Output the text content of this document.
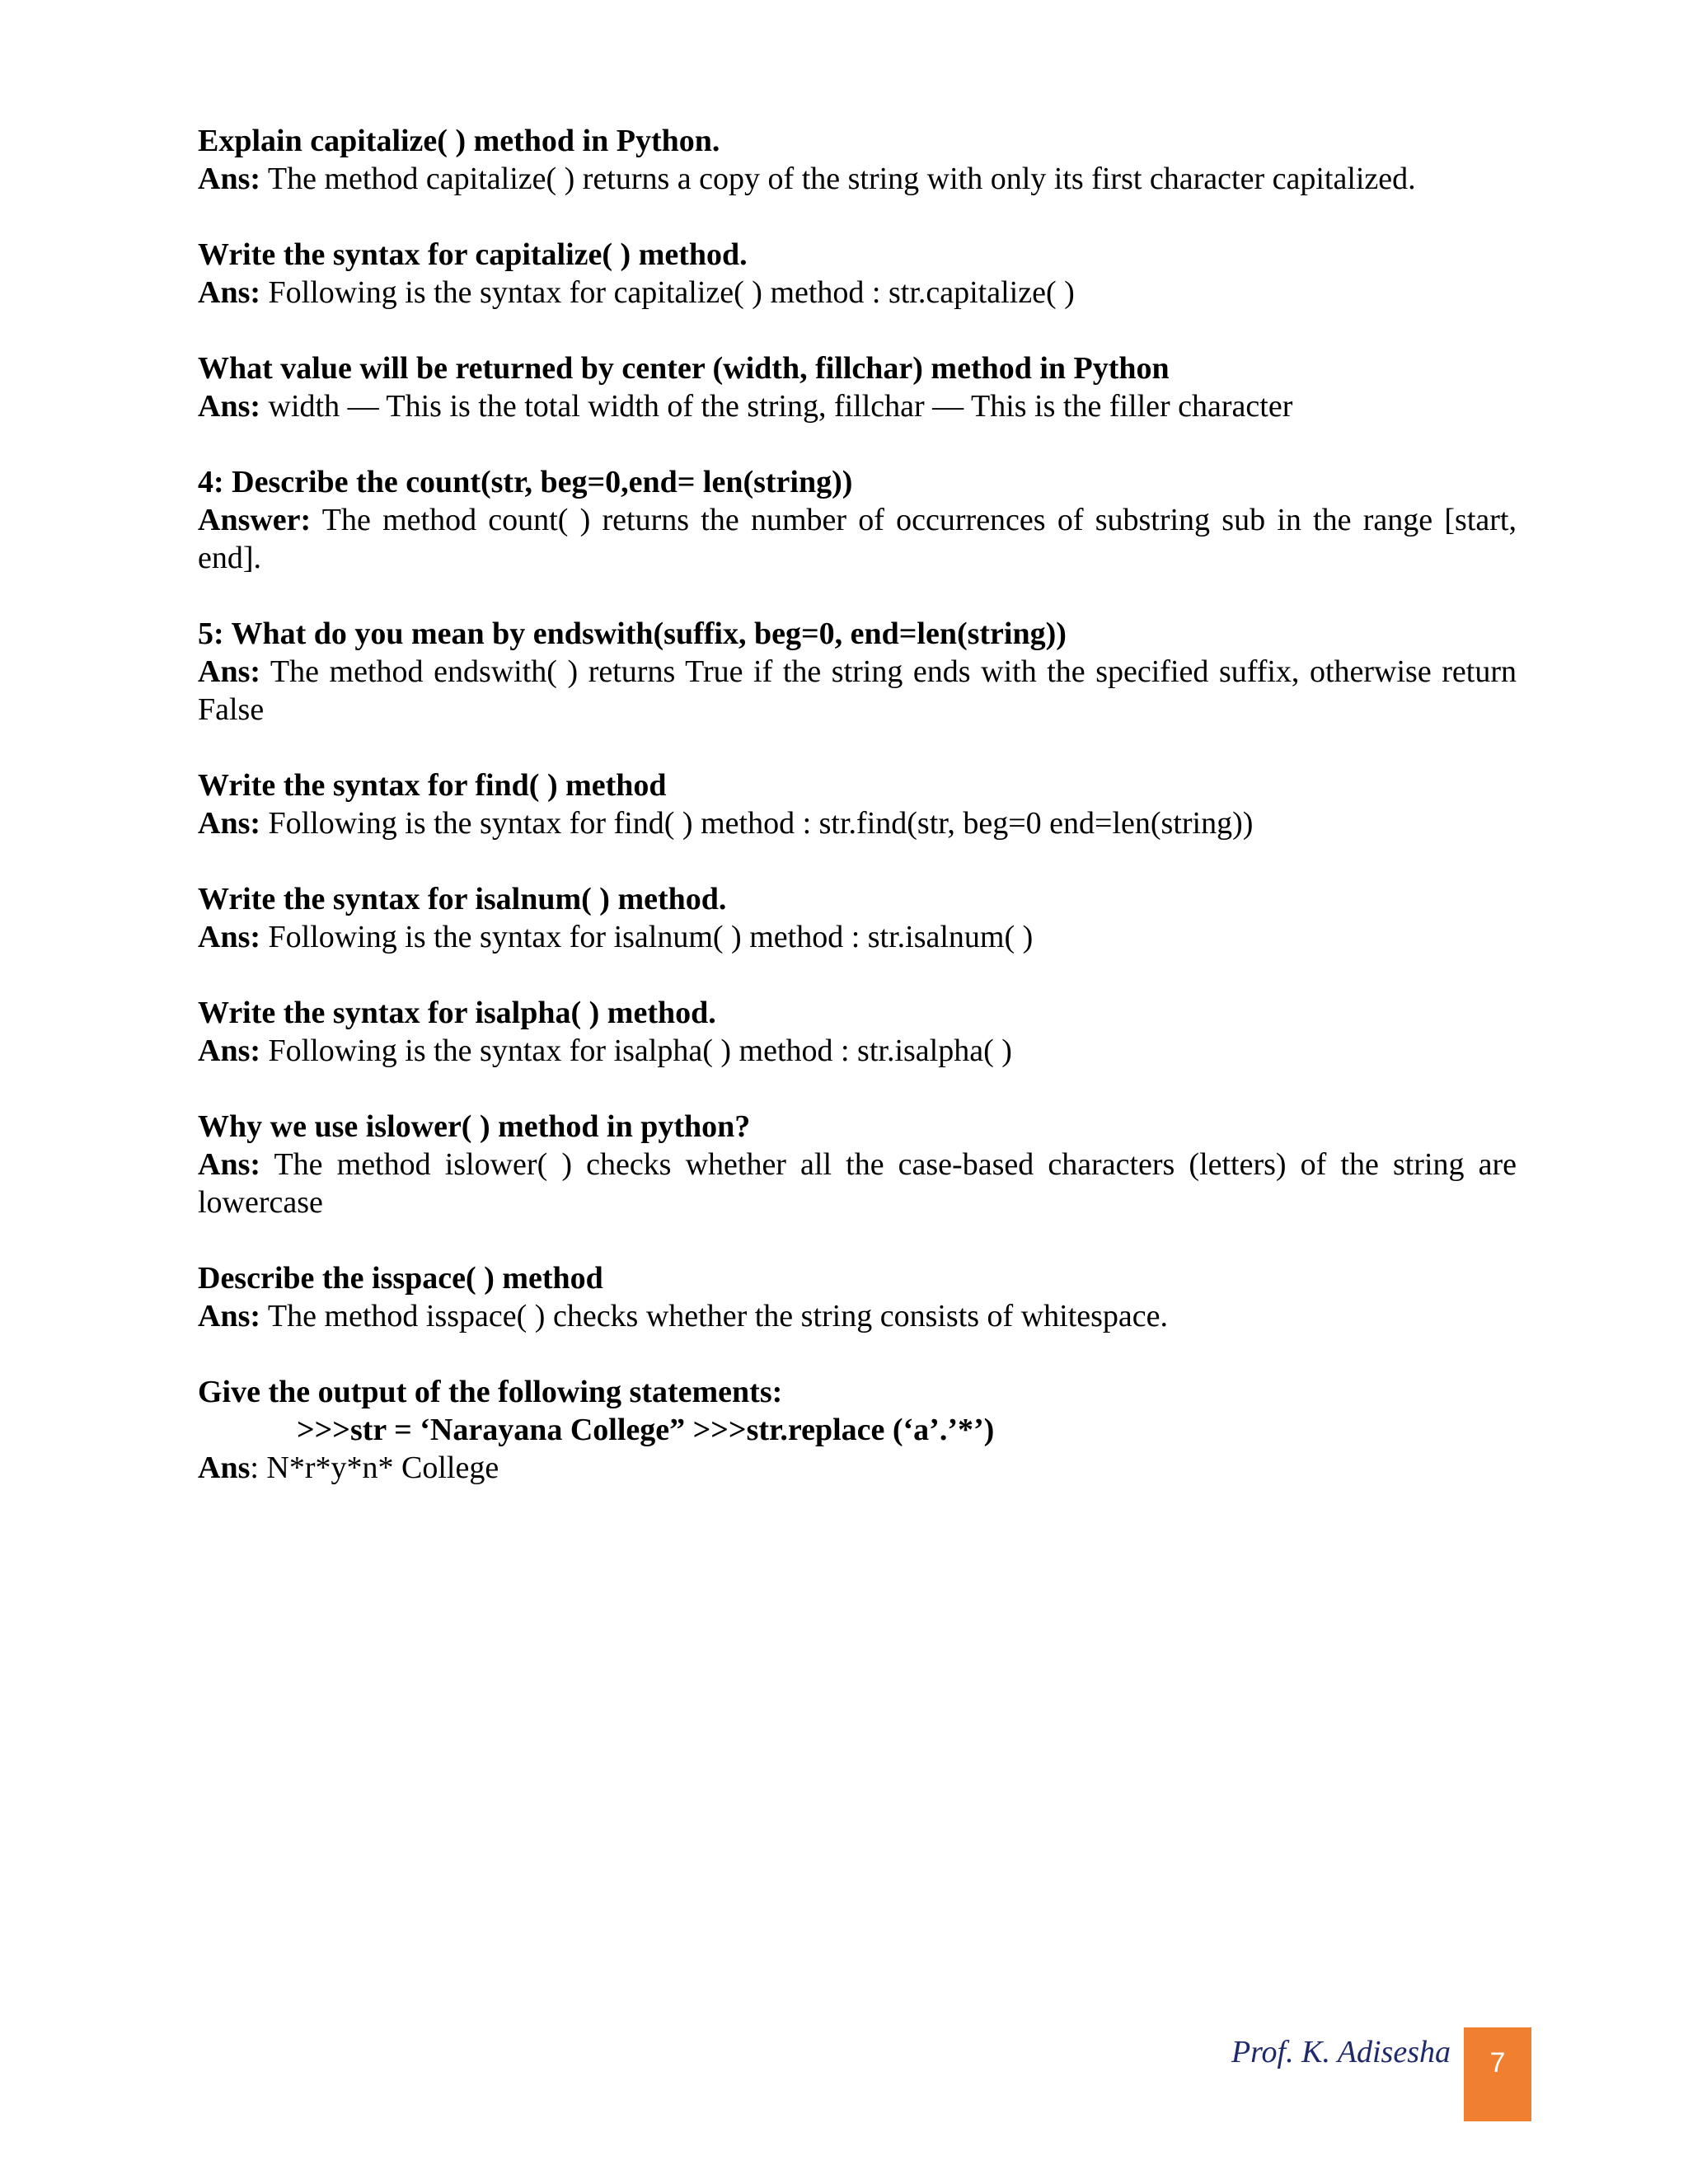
Explain capitalize( ) method in Python.
Ans: The method capitalize( ) returns a copy of the string with only its first character capitalized.
Write the syntax for capitalize( ) method.
Ans: Following is the syntax for capitalize( ) method : str.capitalize( )
What value will be returned by center (width, fillchar) method in Python
Ans: width — This is the total width of the string, fillchar — This is the filler character
4: Describe the count(str, beg=0,end= len(string))
Answer: The method count( ) returns the number of occurrences of substring sub in the range [start, end].
5: What do you mean by endswith(suffix, beg=0, end=len(string))
Ans: The method endswith( ) returns True if the string ends with the specified suffix, otherwise return False
Write the syntax for find( ) method
Ans: Following is the syntax for find( ) method : str.find(str, beg=0 end=len(string))
Write the syntax for isalnum( ) method.
Ans: Following is the syntax for isalnum( ) method : str.isalnum( )
Write the syntax for isalpha( ) method.
Ans: Following is the syntax for isalpha( ) method : str.isalpha( )
Why we use islower( ) method in python?
Ans: The method islower( ) checks whether all the case-based characters (letters) of the string are lowercase
Describe the isspace( ) method
Ans: The method isspace( ) checks whether the string consists of whitespace.
Give the output of the following statements:
>>>str = ‘Narayana College” >>>str.replace (‘a’.’*’)
Ans: N*r*y*n* College
Prof. K. Adisesha	7
